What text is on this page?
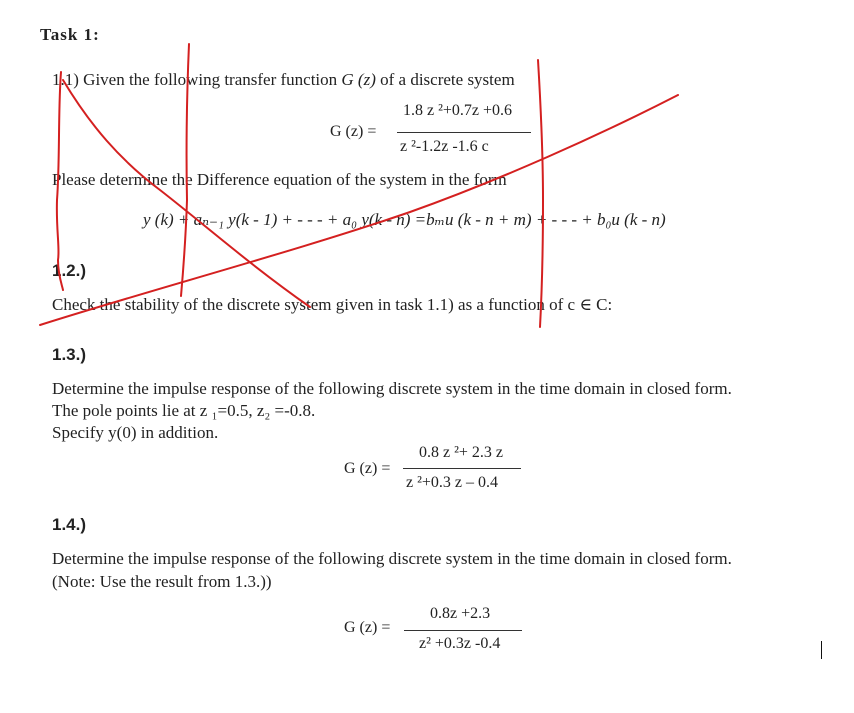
Task 1:
1.1) Given the following transfer function G (z) of a discrete system
1.8 z ²+0.7z +0.6
G (z) =
z ²-1.2z -1.6 c
Please determine the Difference equation of the system in the form
y (k) + aₙ₋₁ y(k - 1) + - - - + a₀ y(k - n) =bₘu (k - n + m) + - - - + b₀u (k - n)
1.2.)
Check the stability of the discrete system given in task 1.1) as a function of c ∈ C:
1.3.)
Determine the impulse response of the following discrete system in the time domain in closed form.
The pole points lie at z ₁=0.5, z₂ =-0.8.
Specify y(0) in addition.
0.8 z ²+ 2.3 z
G (z) =
z ²+0.3 z – 0.4
1.4.)
Determine the impulse response of the following discrete system in the time domain in closed form.
(Note: Use the result from 1.3.))
0.8z +2.3
G (z) =
z² +0.3z -0.4
